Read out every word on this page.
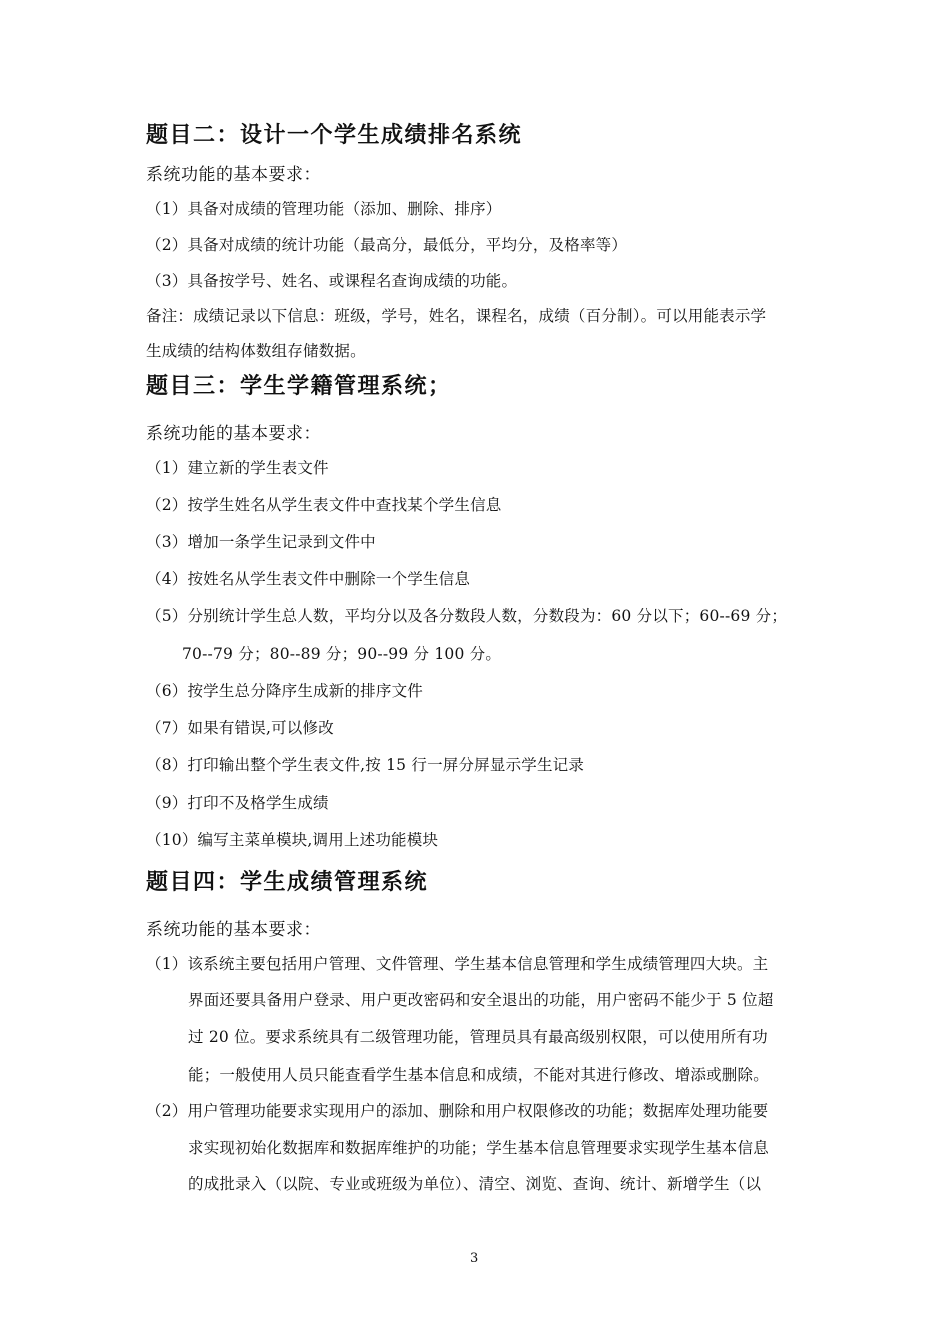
题目二：设计一个学生成绩排名系统
系统功能的基本要求：
（1）具备对成绩的管理功能（添加、删除、排序）
（2）具备对成绩的统计功能（最高分，最低分，平均分，及格率等）
（3）具备按学号、姓名、或课程名查询成绩的功能。
备注：成绩记录以下信息：班级，学号，姓名，课程名，成绩（百分制）。可以用能表示学
生成绩的结构体数组存储数据。
题目三：学生学籍管理系统；
系统功能的基本要求：
（1）建立新的学生表文件
（2）按学生姓名从学生表文件中查找某个学生信息
（3）增加一条学生记录到文件中
（4）按姓名从学生表文件中删除一个学生信息
（5）分别统计学生总人数，平均分以及各分数段人数，分数段为：60 分以下；60--69 分；
70--79 分；80--89 分；90--99 分 100 分。
（6）按学生总分降序生成新的排序文件
（7）如果有错误,可以修改
（8）打印输出整个学生表文件,按 15 行一屏分屏显示学生记录
（9）打印不及格学生成绩
（10）编写主菜单模块,调用上述功能模块
题目四：学生成绩管理系统
系统功能的基本要求：
（1）该系统主要包括用户管理、文件管理、学生基本信息管理和学生成绩管理四大块。主
界面还要具备用户登录、用户更改密码和安全退出的功能，用户密码不能少于 5 位超
过 20 位。要求系统具有二级管理功能，管理员具有最高级别权限，可以使用所有功
能；一般使用人员只能查看学生基本信息和成绩，不能对其进行修改、增添或删除。
（2）用户管理功能要求实现用户的添加、删除和用户权限修改的功能；数据库处理功能要
求实现初始化数据库和数据库维护的功能；学生基本信息管理要求实现学生基本信息
的成批录入（以院、专业或班级为单位）、清空、浏览、查询、统计、新增学生（以
3
